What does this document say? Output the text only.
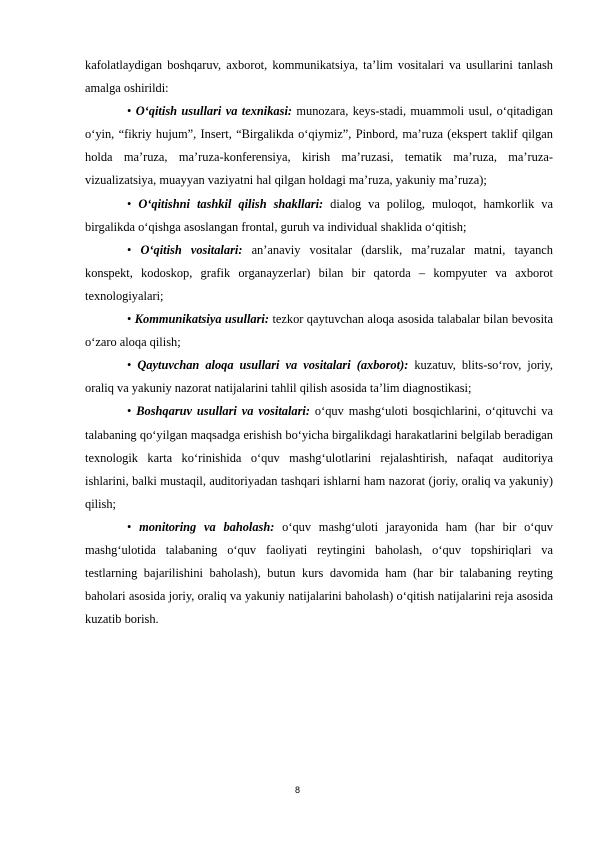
kafolatlaydigan boshqaruv, axborot, kommunikatsiya, ta’lim vositalari va usullarini tanlash amalga oshirildi:

• O‘qitish usullari va texnikasi: munozara, keys-stadi, muammoli usul, o‘qitadigan o‘yin, “fikriy hujum”, Insert, “Birgalikda o‘qiymiz”, Pinbord, ma’ruza (ekspert taklif qilgan holda ma’ruza, ma’ruza-konferensiya, kirish ma’ruzasi, tematik ma’ruza, ma’ruza-vizualizatsiya, muayyan vaziyatni hal qilgan holdagi ma’ruza, yakuniy ma’ruza);

• O‘qitishni tashkil qilish shakllari: dialog va polilog, muloqot, hamkorlik va birgalikda o‘qishga asoslangan frontal, guruh va individual shaklida o‘qitish;

• O‘qitish vositalari: an’anaviy vositalar (darslik, ma’ruzalar matni, tayanch konspekt, kodoskop, grafik organayzerlar) bilan bir qatorda – kompyuter va axborot texnologiyalari;

• Kommunikatsiya usullari: tezkor qaytuvchan aloqa asosida talabalar bilan bevosita o‘zaro aloqa qilish;

• Qaytuvchan aloqa usullari va vositalari (axborot): kuzatuv, blits-so‘rov, joriy, oraliq va yakuniy nazorat natijalarini tahlil qilish asosida ta’lim diagnostikasi;

• Boshqaruv usullari va vositalari: o‘quv mashg‘uloti bosqichlarini, o‘qituvchi va talabaning qo‘yilgan maqsadga erishish bo‘yicha birgalikdagi harakatlarini belgilab beradigan texnologik karta ko‘rinishida o‘quv mashg‘ulotlarini rejalashtirish, nafaqat auditoriya ishlarini, balki mustaqil, auditoriyadan tashqari ishlarni ham nazorat (joriy, oraliq va yakuniy) qilish;

• monitoring va baholash: o‘quv mashg‘uloti jarayonida ham (har bir o‘quv mashg‘ulotida talabaning o‘quv faoliyati reytingini baholash, o‘quv topshiriqlari va testlarning bajarilishini baholash), butun kurs davomida ham (har bir talabaning reyting baholari asosida joriy, oraliq va yakuniy natijalarini baholash) o‘qitish natijalarini reja asosida kuzatib borish.

8
